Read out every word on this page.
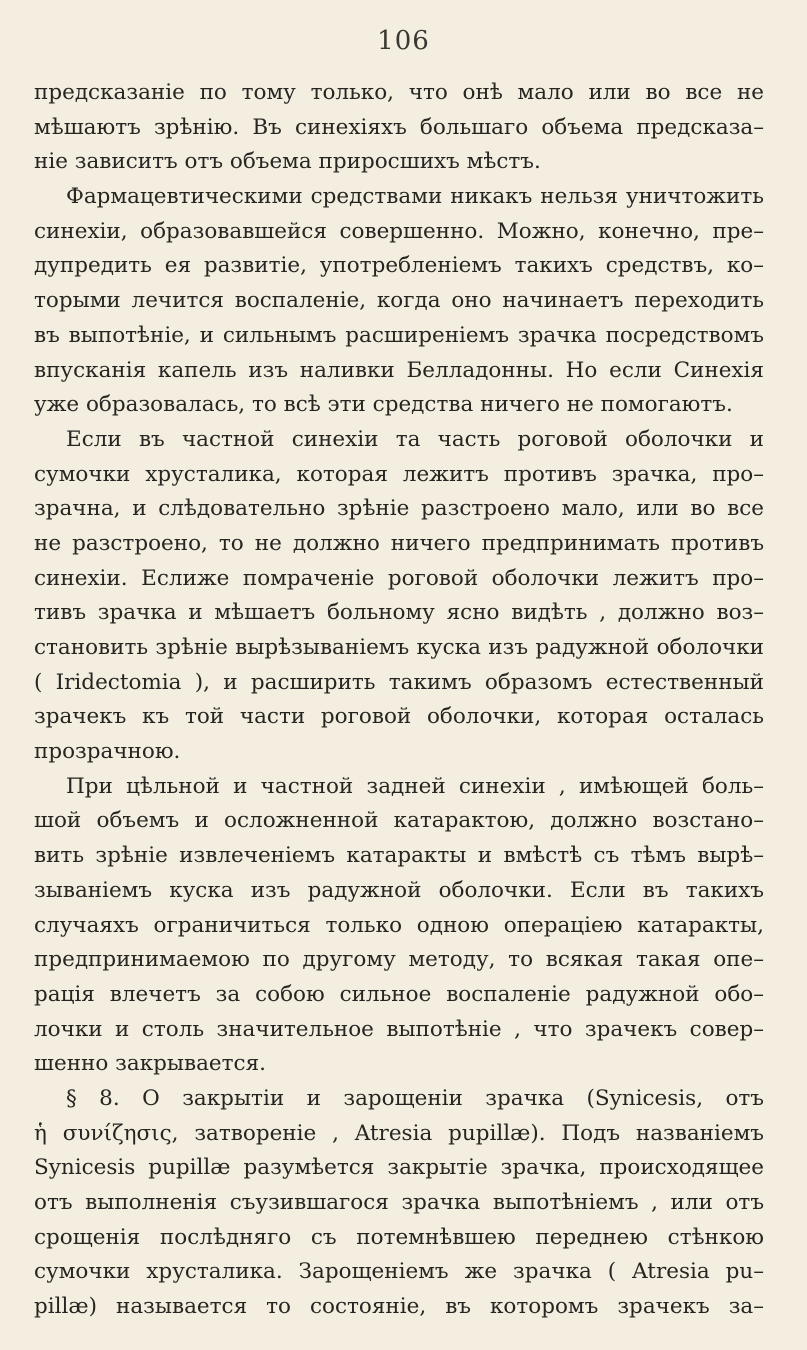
106
предсказаніе по тому только, что онѣ мало или во все не
мѣшаютъ зрѣнію. Въ синехіяхъ большаго объема предсказа–
ніе зависитъ отъ объема приросшихъ мѣстъ.
Фармацевтическими средствами никакъ нельзя уничтожить
синехіи, образовавшейся совершенно. Можно, конечно, пре–
дупредить ея развитіе, употребленіемъ такихъ средствъ, ко–
торыми лечится воспаленіе, когда оно начинаетъ переходить
въ выпотѣніе, и сильнымъ расширеніемъ зрачка посредствомъ
впусканія капель изъ наливки Белладонны. Но если Синехія
уже образовалась, то всѣ эти средства ничего не помогаютъ.
Если въ частной синехіи та часть роговой оболочки и
сумочки хрусталика, которая лежитъ противъ зрачка, про–
зрачна, и слѣдовательно зрѣніе разстроено мало, или во все
не разстроено, то не должно ничего предпринимать противъ
синехіи. Еслиже помраченіе роговой оболочки лежитъ про–
тивъ зрачка и мѣшаетъ больному ясно видѣть , должно воз–
становить зрѣніе вырѣзываніемъ куска изъ радужной оболочки
( Iridectomia ), и расширить такимъ образомъ естественный
зрачекъ къ той части роговой оболочки, которая осталась
прозрачною.
При цѣльной и частной задней синехіи , имѣющей боль–
шой объемъ и осложненной катарактою, должно возстано–
вить зрѣніе извлеченіемъ катаракты и вмѣстѣ съ тѣмъ вырѣ–
зываніемъ куска изъ радужной оболочки. Если въ такихъ
случаяхъ ограничиться только одною операціею катаракты,
предпринимаемою по другому методу, то всякая такая опе–
рація влечетъ за собою сильное воспаленіе радужной обо–
лочки и столь значительное выпотѣніе , что зрачекъ совер–
шенно закрывается.
§ 8. О закрытіи и зарощеніи зрачка (Synicesis, отъ
ἡ συνίζησις, затвореніе , Atresia pupillæ). Подъ названіемъ
Synicesis pupillæ разумѣется закрытіе зрачка, происходящее
отъ выполненія съузившагося зрачка выпотѣніемъ , или отъ
срощенія послѣдняго съ потемнѣвшею переднею стѣнкою
сумочки хрусталика. Зарощеніемъ же зрачка ( Atresia pu–
pillæ) называется то состояніе, въ которомъ зрачекъ за–
